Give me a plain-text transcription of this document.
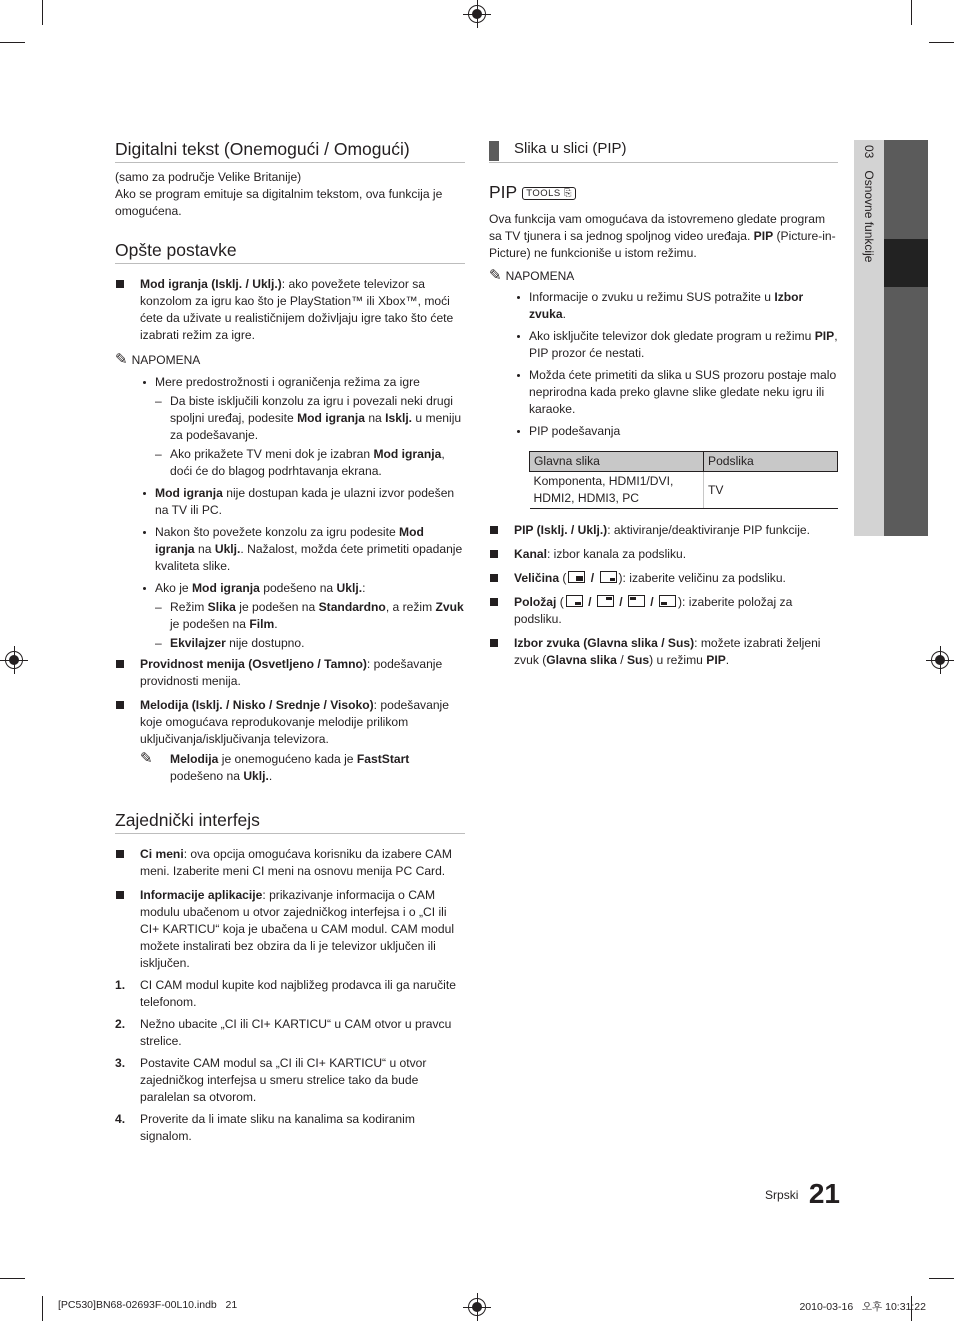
03Osnovne funkcije
Digitalni tekst (Onemogući / Omogući)

(samo za područje Velike Britanije)

Ako se program emituje sa digitalnim tekstom, ova funkcija je omogućena.

Opšte postavke
Mod igranja (Isklj. / Uklj.): ako povežete televizor sa konzolom za igru kao što je PlayStation™ ili Xbox™, moći ćete da uživate u realističnijem doživljaju igre tako što ćete izabrati režim za igre.
✎ NAPOMENA
Mere predostrožnosti i ograničenja režima za igre
– Da biste isključili konzolu za igru i povezali neki drugi spoljni uređaj, podesite Mod igranja na Isklj. u meniju za podešavanje.
– Ako prikažete TV meni dok je izabran Mod igranja, doći će do blagog podrhtavanja ekrana.
Mod igranja nije dostupan kada je ulazni izvor podešen na TV ili PC.
Nakon što povežete konzolu za igru podesite Mod igranja na Uklj.. Nažalost, možda ćete primetiti opadanje kvaliteta slike.
Ako je Mod igranja podešeno na Uklj.:
– Režim Slika je podešen na Standardno, a režim Zvuk je podešen na Film.
– Ekvilajzer nije dostupno.
Providnost menija (Osvetljeno / Tamno): podešavanje providnosti menija.
Melodija (Isklj. / Nisko / Srednje / Visoko): podešavanje koje omogućava reprodukovanje melodije prilikom uključivanja/isključivanja televizora.
✎	Melodija je onemogućeno kada je FastStart podešeno na Uklj..
Zajednički interfejs
Ci meni: ova opcija omogućava korisniku da izabere CAM meni. Izaberite meni CI meni na osnovu menija PC Card.
Informacije aplikacije: prikazivanje informacija o CAM modulu ubačenom u otvor zajedničkog interfejsa i o „CI ili CI+ KARTICU“ koja je ubačena u CAM modul. CAM modul možete instalirati bez obzira da li je televizor uključen ili isključen.
1. CI CAM modul kupite kod najbližeg prodavca ili ga naručite telefonom.
2. Nežno ubacite „CI ili CI+ KARTICU“ u CAM otvor u pravcu strelice.
3. Postavite CAM modul sa „CI ili CI+ KARTICU“ u otvor zajedničkog interfejsa u smeru strelice tako da bude paralelan sa otvorom.
4. Proverite da li imate sliku na kanalima sa kodiranim signalom.
Slika u slici (PIP)
PIP TOOLS ⎘

Ova funkcija vam omogućava da istovremeno gledate program sa TV tjunera i sa jednog spoljnog video uređaja. PIP (Picture-in-Picture) ne funkcioniše u istom režimu.

✎ NAPOMENA
Informacije o zvuku u režimu SUS potražite u Izbor zvuka.
Ako isključite televizor dok gledate program u režimu PIP, PIP prozor će nestati.
Možda ćete primetiti da slika u SUS prozoru postaje malo neprirodna kada preko glavne slike gledate neku igru ili karaoke.
PIP podešavanja
Glavna slika	Podslika
Komponenta, HDMI1/DVI, HDMI2, HDMI3, PC	TV
PIP (Isklj. / Uklj.): aktiviranje/deaktiviranje PIP funkcije.
Kanal: izbor kanala za podsliku.
Veličina (
/
): izaberite veličinu za podsliku.
Položaj (
/
/
/
): izaberite položaj za podsliku.
Izbor zvuka (Glavna slika / Sus): možete izabrati željeni zvuk (Glavna slika / Sus) u režimu PIP.
$^{Srpski}$ 21
[PC530]BN68-02693F-00L10.indb   21	2010-03-16   오후 10:31:22
